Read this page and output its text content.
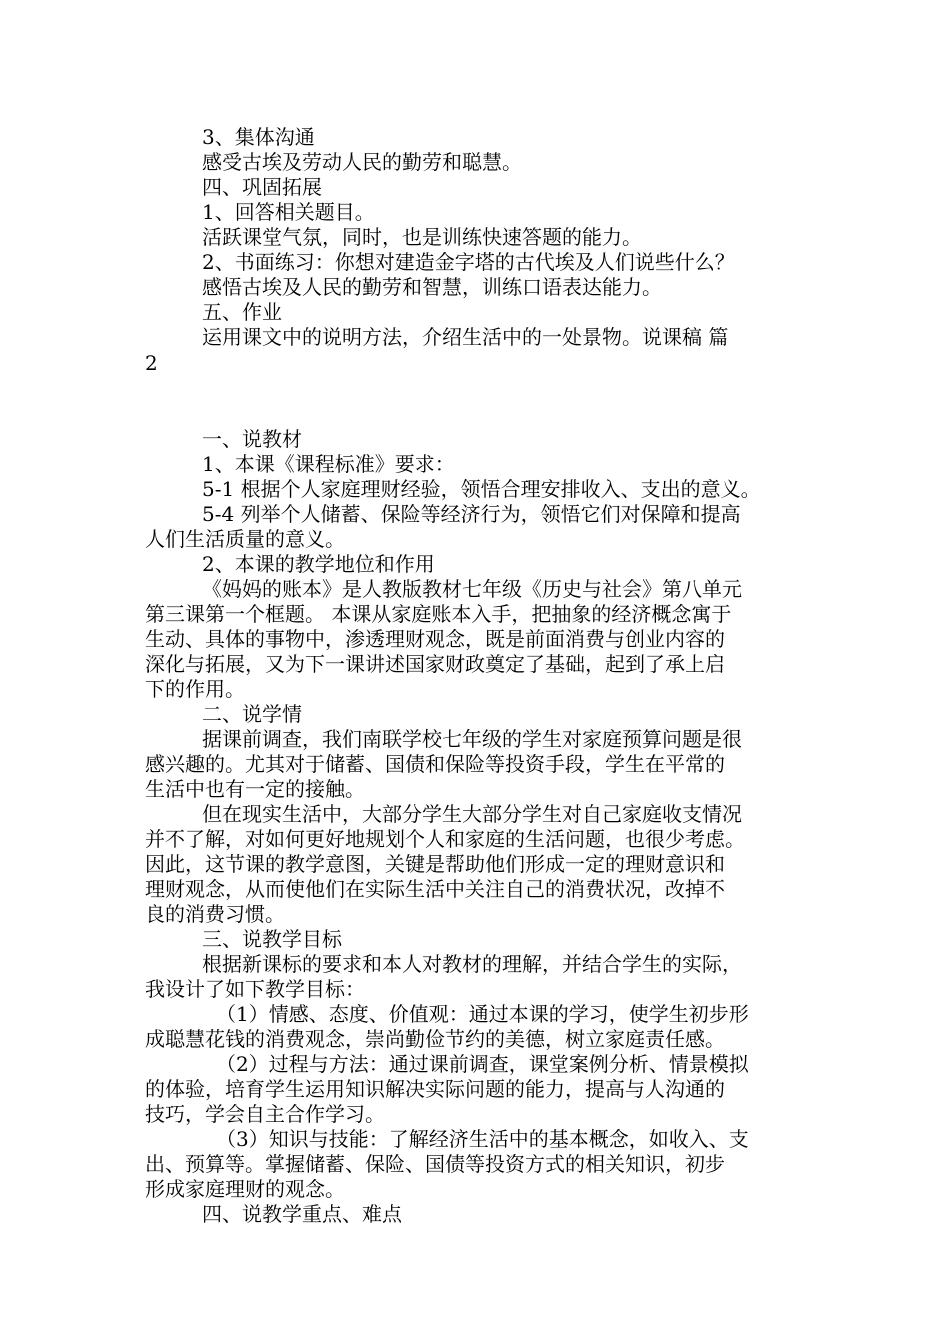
3、集体沟通
感受古埃及劳动人民的勤劳和聪慧。
四、巩固拓展
1、回答相关题目。
活跃课堂气氛，同时，也是训练快速答题的能力。
2、书面练习：你想对建造金字塔的古代埃及人们说些什么？
感悟古埃及人民的勤劳和智慧，训练口语表达能力。
五、作业
运用课文中的说明方法，介绍生活中的一处景物。说课稿 篇
2
一、说教材
1、本课《课程标准》要求：
5-1 根据个人家庭理财经验，领悟合理安排收入、支出的意义。
5-4 列举个人储蓄、保险等经济行为，领悟它们对保障和提高
人们生活质量的意义。
2、本课的教学地位和作用
《妈妈的账本》是人教版教材七年级《历史与社会》第八单元
第三课第一个框题。 本课从家庭账本入手，把抽象的经济概念寓于
生动、具体的事物中，渗透理财观念，既是前面消费与创业内容的
深化与拓展，又为下一课讲述国家财政奠定了基础，起到了承上启
下的作用。
二、说学情
据课前调查，我们南联学校七年级的学生对家庭预算问题是很
感兴趣的。尤其对于储蓄、国债和保险等投资手段，学生在平常的
生活中也有一定的接触。
但在现实生活中，大部分学生大部分学生对自己家庭收支情况
并不了解，对如何更好地规划个人和家庭的生活问题，也很少考虑。
因此，这节课的教学意图，关键是帮助他们形成一定的理财意识和
理财观念，从而使他们在实际生活中关注自己的消费状况，改掉不
良的消费习惯。
三、说教学目标
根据新课标的要求和本人对教材的理解，并结合学生的实际，
我设计了如下教学目标：
（1）情感、态度、价值观：通过本课的学习，使学生初步形
成聪慧花钱的消费观念，崇尚勤俭节约的美德，树立家庭责任感。
（2）过程与方法：通过课前调查，课堂案例分析、情景模拟
的体验，培育学生运用知识解决实际问题的能力，提高与人沟通的
技巧，学会自主合作学习。
（3）知识与技能：了解经济生活中的基本概念，如收入、支
出、预算等。掌握储蓄、保险、国债等投资方式的相关知识，初步
形成家庭理财的观念。
四、说教学重点、难点
